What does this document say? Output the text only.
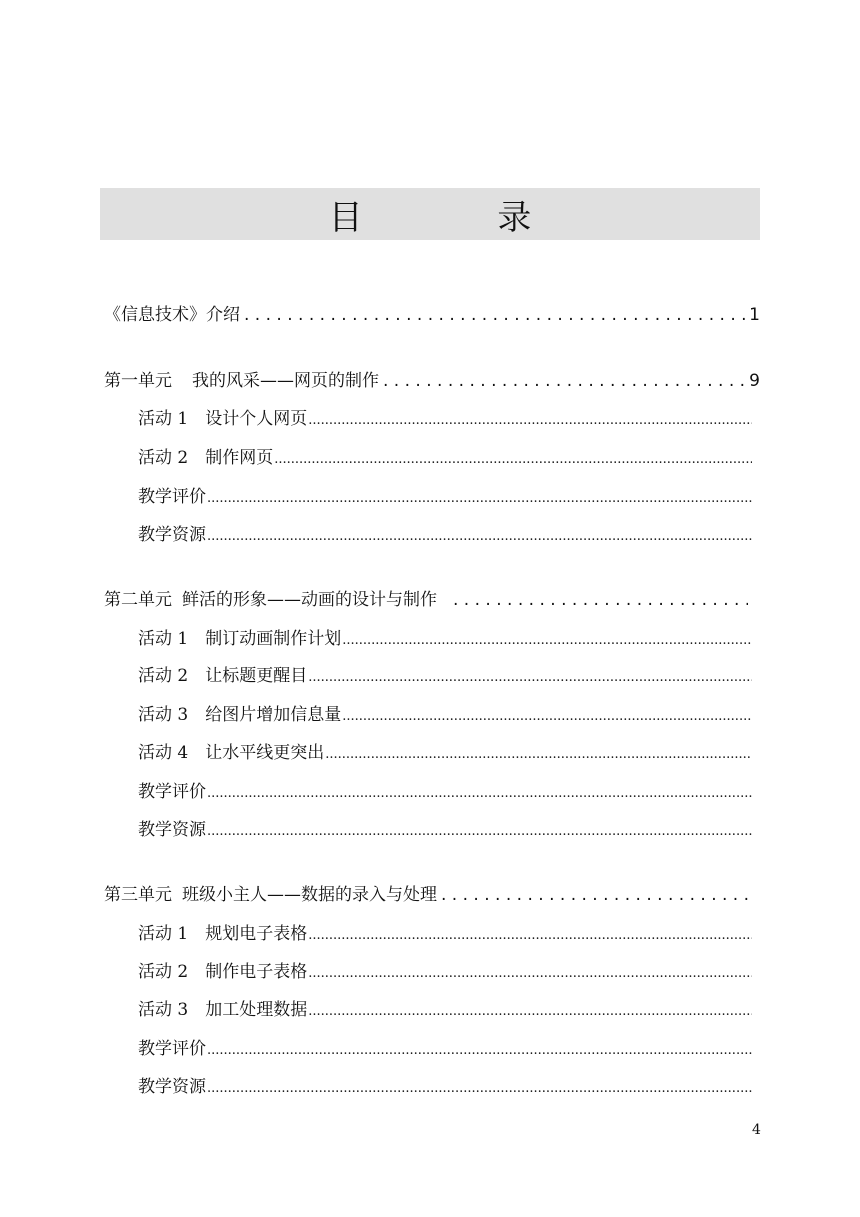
目 录
《信息技术》介绍 . . .	1
第一单元 我的风采——网页的制作 . . .	9
活动 1　设计个人网页
.....
活动 2　制作网页
.....
教学评价
.....
教学资源
.....
第二单元 鲜活的形象——动画的设计与制作
. . .
活动 1　制订动画制作计划
.....
活动 2　让标题更醒目
.....
活动 3　给图片增加信息量
.....
活动 4　让水平线更突出
.....
教学评价
.....
教学资源
.....
第三单元 班级小主人——数据的录入与处理
. . .
活动 1　规划电子表格
.....
活动 2　制作电子表格
.....
活动 3　加工处理数据
.....
教学评价
.....
教学资源
.....
4
